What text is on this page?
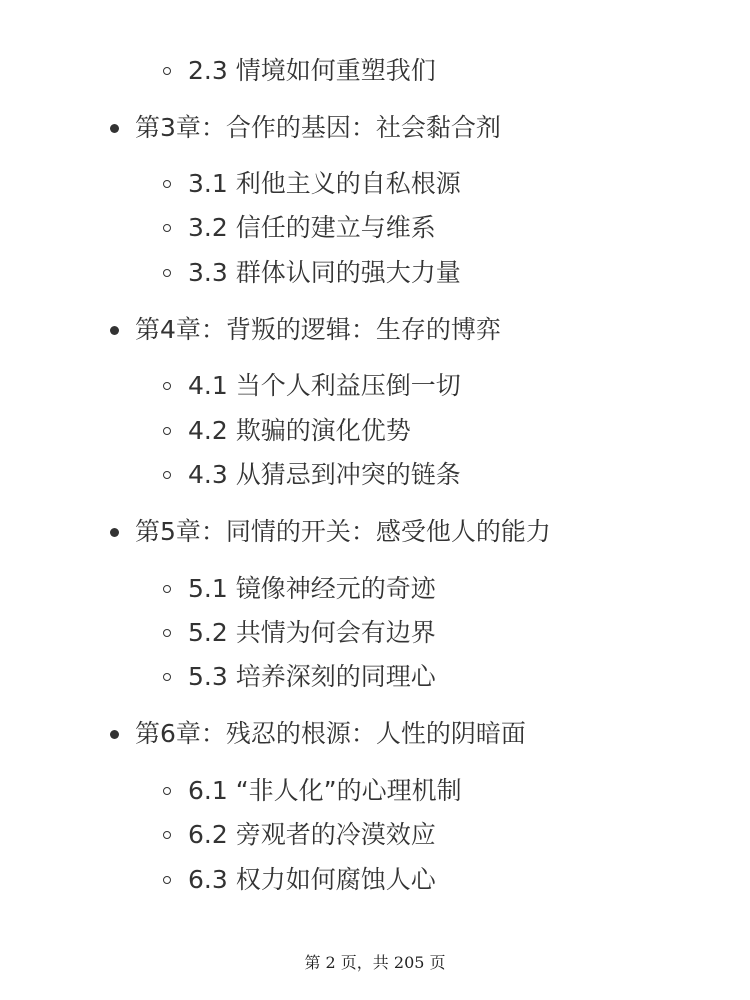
2.3 情境如何重塑我们
第3章：合作的基因：社会黏合剂
3.1 利他主义的自私根源
3.2 信任的建立与维系
3.3 群体认同的强大力量
第4章：背叛的逻辑：生存的博弈
4.1 当个人利益压倒一切
4.2 欺骗的演化优势
4.3 从猜忌到冲突的链条
第5章：同情的开关：感受他人的能力
5.1 镜像神经元的奇迹
5.2 共情为何会有边界
5.3 培养深刻的同理心
第6章：残忍的根源：人性的阴暗面
6.1 “非人化”的心理机制
6.2 旁观者的冷漠效应
6.3 权力如何腐蚀人心
第 2 页，共 205 页
